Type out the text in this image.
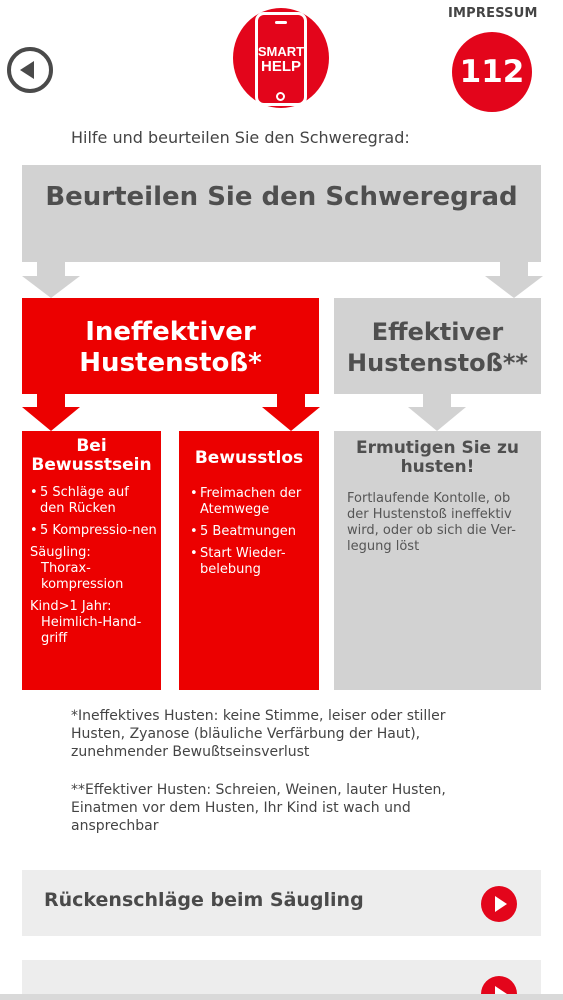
SMART
HELP
IMPRESSUM
112
Hilfe und beurteilen Sie den Schweregrad:
Beurteilen Sie den Schweregrad
Ineffektiver
Hustenstoß*
Effektiver
Hustenstoß**
Bei
Bewusstsein
• 5 Schläge auf den Rücken
• 5 Kompressio-nen
Säugling:
Thorax-kompression
Kind>1 Jahr:
Heimlich-Hand-griff
Bewusstlos
• Freimachen der Atemwege
• 5 Beatmungen
• Start Wieder-belebung
Ermutigen Sie zu husten!
Fortlaufende Kontolle, ob der Hustenstoß ineffektiv wird, oder ob sich die Ver-legung löst
*Ineffektives Husten: keine Stimme, leiser oder stiller Husten, Zyanose (bläuliche Verfärbung der Haut), zunehmender Bewußtseinsverlust
**Effektiver Husten: Schreien, Weinen, lauter Husten, Einatmen vor dem Husten, Ihr Kind ist wach und ansprechbar
Rückenschläge beim Säugling
